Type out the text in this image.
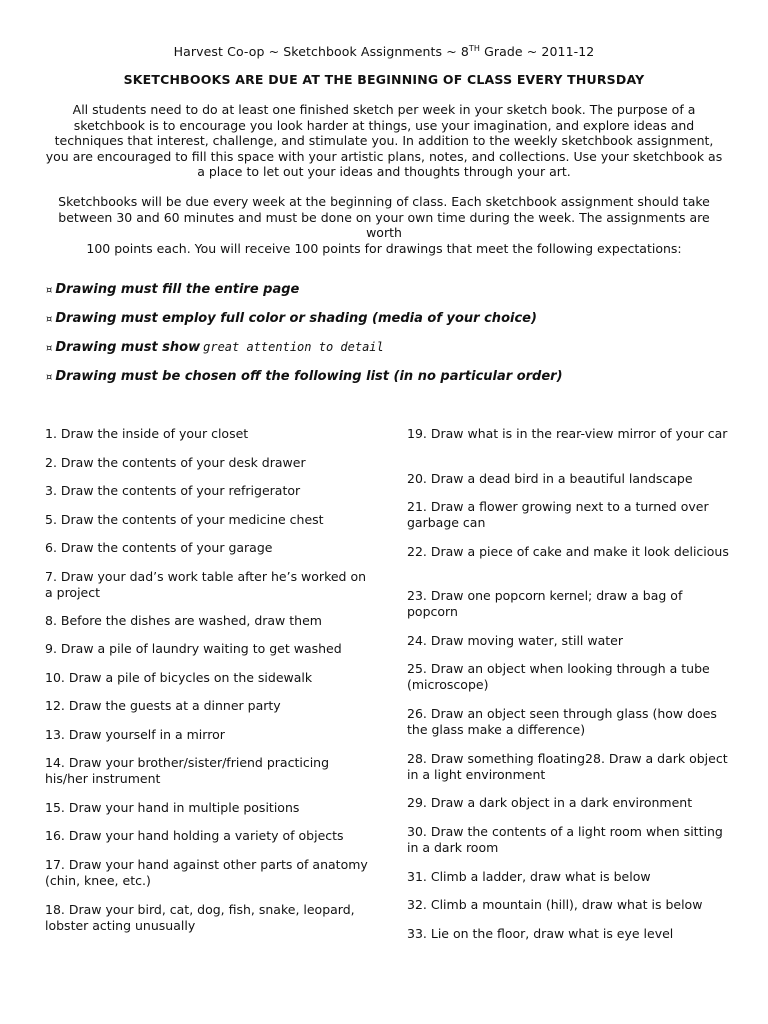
Harvest Co-op ~ Sketchbook Assignments ~ 8TH Grade ~ 2011-12
SKETCHBOOKS ARE DUE AT THE BEGINNING OF CLASS EVERY THURSDAY
All students need to do at least one finished sketch per week in your sketch book. The purpose of a
sketchbook is to encourage you look harder at things, use your imagination, and explore ideas and
techniques that interest, challenge, and stimulate you. In addition to the weekly sketchbook assignment,
you are encouraged to fill this space with your artistic plans, notes, and collections. Use your sketchbook as
a place to let out your ideas and thoughts through your art.
Sketchbooks will be due every week at the beginning of class. Each sketchbook assignment should take
between 30 and 60 minutes and must be done on your own time during the week. The assignments are worth
100 points each. You will receive 100 points for drawings that meet the following expectations:
¤ Drawing must fill the entire page
¤ Drawing must employ full color or shading (media of your choice)
¤ Drawing must show great attention to detail
¤ Drawing must be chosen off the following list (in no particular order)
1. Draw the inside of your closet
2. Draw the contents of your desk drawer
3. Draw the contents of your refrigerator
5. Draw the contents of your medicine chest
6. Draw the contents of your garage
7. Draw your dad’s work table after he’s worked on a project
8. Before the dishes are washed, draw them
9. Draw a pile of laundry waiting to get washed
10. Draw a pile of bicycles on the sidewalk
12. Draw the guests at a dinner party
13. Draw yourself in a mirror
14. Draw your brother/sister/friend practicing his/her instrument
15. Draw your hand in multiple positions
16. Draw your hand holding a variety of objects
17. Draw your hand against other parts of anatomy (chin, knee, etc.)
18. Draw your bird, cat, dog, fish, snake, leopard, lobster acting unusually
19. Draw what is in the rear-view mirror of your car
20. Draw a dead bird in a beautiful landscape
21. Draw a flower growing next to a turned over garbage can
22. Draw a piece of cake and make it look delicious
23. Draw one popcorn kernel; draw a bag of popcorn
24. Draw moving water, still water
25. Draw an object when looking through a tube (microscope)
26. Draw an object seen through glass (how does the glass make a difference)
28. Draw something floating28. Draw a dark object in a light environment
29. Draw a dark object in a dark environment
30. Draw the contents of a light room when sitting in a dark room
31. Climb a ladder, draw what is below
32. Climb a mountain (hill), draw what is below
33. Lie on the floor, draw what is eye level
